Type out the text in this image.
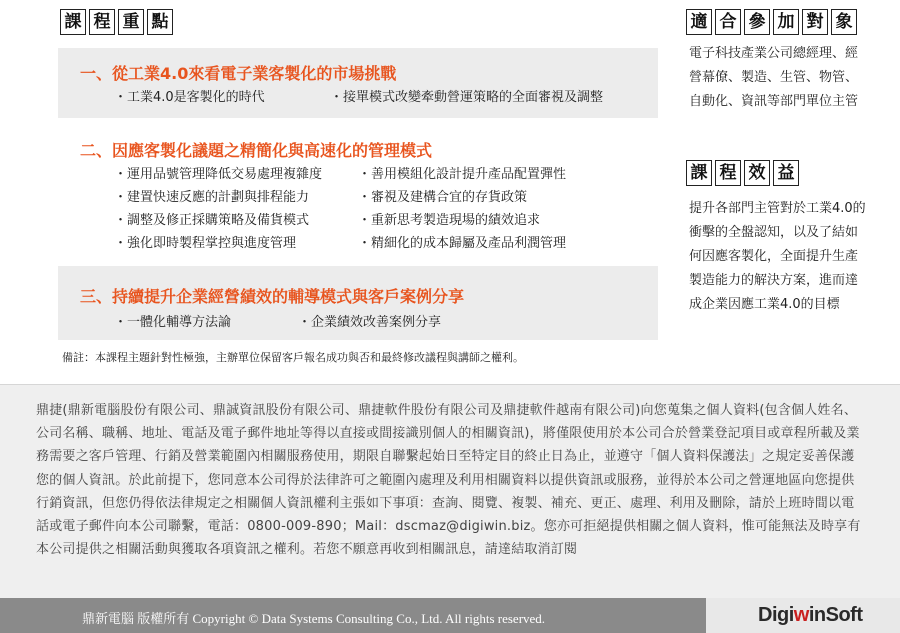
課 程 重 點
一、從工業4.0來看電子業客製化的市場挑戰
・工業4.0是客製化的時代	・接單模式改變牽動營運策略的全面審視及調整
二、因應客製化議題之精簡化與高速化的管理模式
・運用品號管理降低交易處理複雜度	・善用模組化設計提升產品配置彈性
・建置快速反應的計劃與排程能力	・審視及建構合宜的存貨政策
・調整及修正採購策略及備貨模式	・重新思考製造現場的績效追求
・強化即時製程掌控與進度管理	・精細化的成本歸屬及產品利潤管理
三、持續提升企業經營績效的輔導模式與客戶案例分享
・一體化輔導方法論	・企業績效改善案例分享
備註：本課程主題針對性極強，主辦單位保留客戶報名成功與否和最終修改議程與講師之權利。
適 合 參 加 對 象
電子科技產業公司總經理、經營幕僚、製造、生管、物管、自動化、資訊等部門單位主管
課 程 效 益
提升各部門主管對於工業4.0的衝擊的全盤認知，以及了結如何因應客製化，全面提升生產製造能力的解決方案，進而達成企業因應工業4.0的目標

鼎捷(鼎新電腦股份有限公司、鼎誠資訊股份有限公司、鼎捷軟件股份有限公司及鼎捷軟件越南有限公司)向您蒐集之個人資料(包含個人姓名、公司名稱、職稱、地址、電話及電子郵件地址等得以直接或間接識別個人的相關資訊)，將僅限使用於本公司合於營業登記項目或章程所載及業務需要之客戶管理、行銷及營業範圍內相關服務使用，期限自聯繫起始日至特定目的終止日為止，並遵守「個人資料保護法」之規定妥善保護您的個人資訊。於此前提下，您同意本公司得於法律許可之範圍內處理及利用相關資料以提供資訊或服務，並得於本公司之營運地區向您提供行銷資訊，但您仍得依法律規定之相關個人資訊權利主張如下事項：查詢、閱覽、複製、補充、更正、處理、利用及刪除，請於上班時間以電話或電子郵件向本公司聯繫，電話：0800-009-890；Mail：dscmaz@digiwin.biz。您亦可拒絕提供相關之個人資料，惟可能無法及時享有本公司提供之相關活動與獲取各項資訊之權利。若您不願意再收到相關訊息，請達結取消訂閱

鼎新電腦 版權所有 Copyright © Data Systems Consulting Co., Ltd. All rights reserved.	DigiwinSoft
